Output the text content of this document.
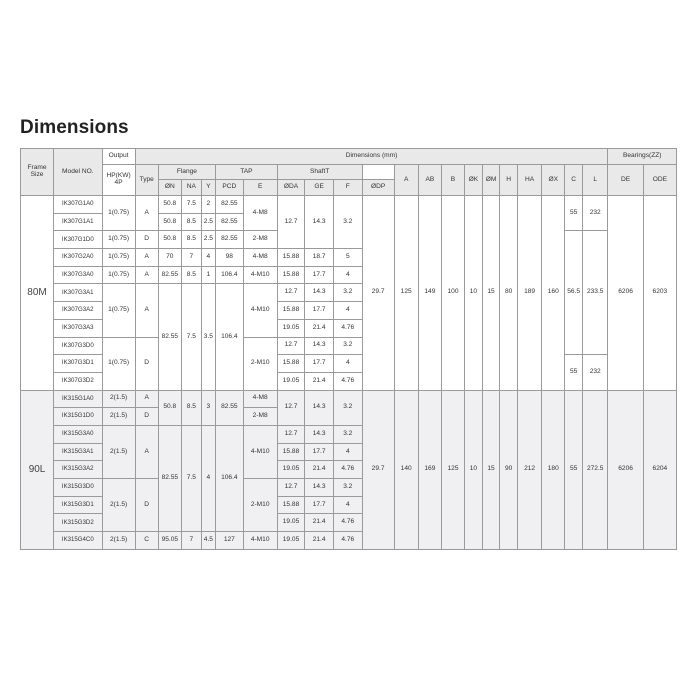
Dimensions
Frame Size	Model NO.	Output	Dimensions (mm)																				Bearings(ZZ)	
		HP(KW) 4P	Type	Flange			TAP		ShaftT				A	AB	B	ØK	ØM	H	HA	ØX	C	L	DE	ODE
				ØN	NA	Y	PCD	E	ØDA	GE	F	ØDP												
80M	IK307G1A0	1(0.75)	A	50.8	7.5	2	82.55	4-M8	12.7	14.3	3.2	29.7	125	149	100	10	15	80	189	160	55	232	6206	6203
	IK307G1A1			50.8	8.5	2.5	82.55																	
	IK307G1D0	1(0.75)	D	50.8	8.5	2.5	82.55	2-M8													56.5	233.5		
	IK307G2A0	1(0.75)	A	70	7	4	98	4-M8	15.88	18.7	5													
	IK307G3A0	1(0.75)	A	82.55	8.5	1	106.4	4-M10	15.88	17.7	4													
	IK307G3A1	1(0.75)	A	82.55	7.5	3.5	106.4	4-M10	12.7	14.3	3.2													
	IK307G3A2								15.88	17.7	4													
	IK307G3A3								19.05	21.4	4.76													
	IK307G3D0	1(0.75)	D					2-M10	12.7	14.3	3.2													
	IK307G3D1								15.88	17.7	4										55	232		
	IK307G3D2								19.05	21.4	4.76													
90L	IK315G1A0	2(1.5)	A	50.8	8.5	3	82.55	4-M8	12.7	14.3	3.2	29.7	140	169	125	10	15	90	212	180	55	272.5	6206	6204
	IK315G1D0	2(1.5)	D					2-M8																
	IK315G3A0	2(1.5)	A	82.55	7.5	4	106.4	4-M10	12.7	14.3	3.2													
	IK315G3A1								15.88	17.7	4													
	IK315G3A2								19.05	21.4	4.76													
	IK315G3D0	2(1.5)	D					2-M10	12.7	14.3	3.2													
	IK315G3D1								15.88	17.7	4													
	IK315G3D2								19.05	21.4	4.76													
	IK315G4C0	2(1.5)	C	95.05	7	4.5	127	4-M10	19.05	21.4	4.76													
